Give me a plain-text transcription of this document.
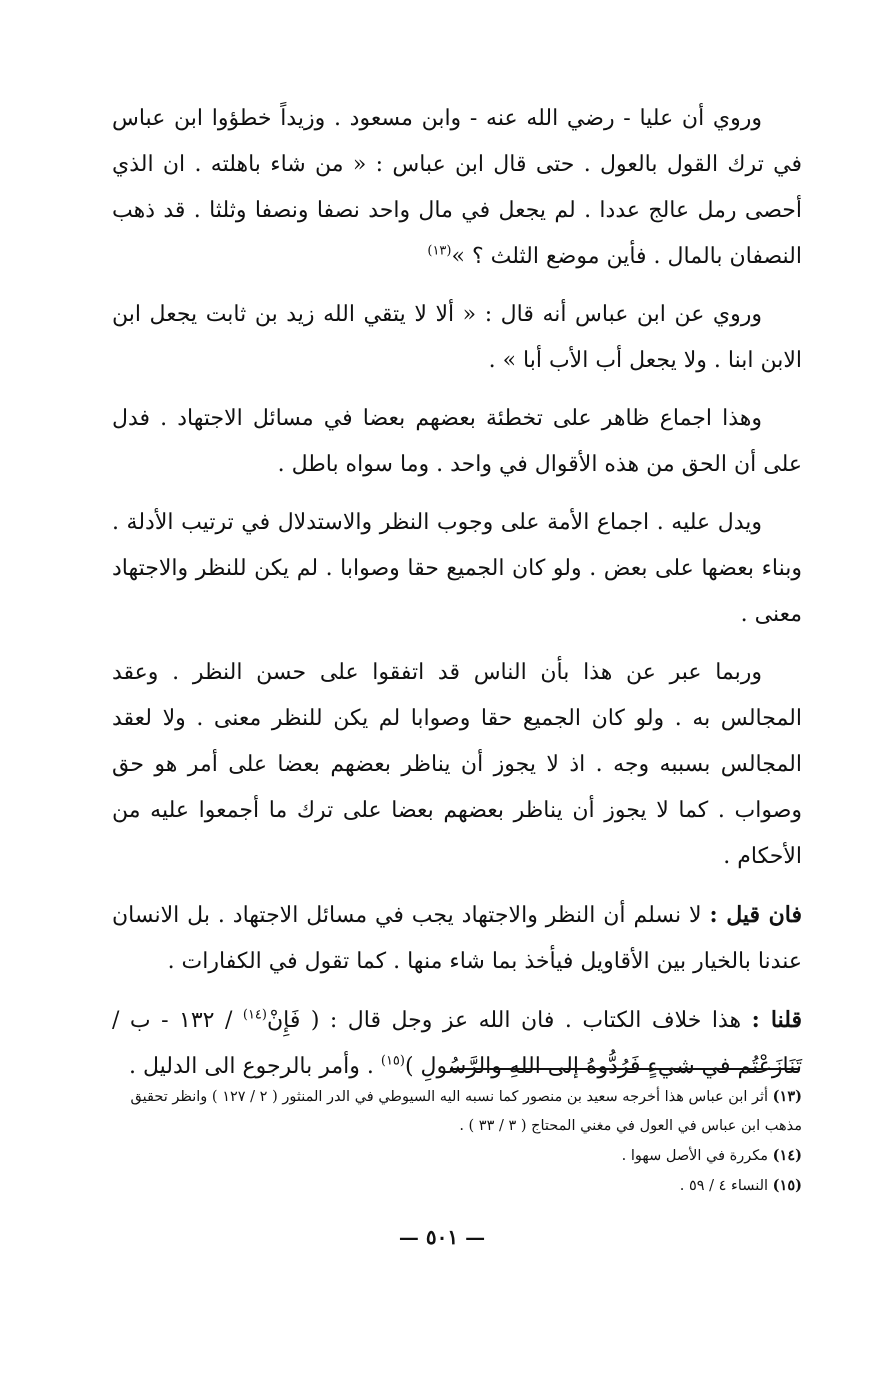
وروي أن عليا - رضي الله عنه - وابن مسعود . وزيداً خطؤوا ابن عباس في ترك القول بالعول . حتى قال ابن عباس : « من شاء باهلته . ان الذي أحصى رمل عالج عددا . لم يجعل في مال واحد نصفا ونصفا وثلثا . قد ذهب النصفان بالمال . فأين موضع الثلث ؟ »$^{(١٣)}$

وروي عن ابن عباس أنه قال : « ألا لا يتقي الله زيد بن ثابت يجعل ابن الابن ابنا . ولا يجعل أب الأب أبا » .

وهذا اجماع ظاهر على تخطئة بعضهم بعضا في مسائل الاجتهاد . فدل على أن الحق من هذه الأقوال في واحد . وما سواه باطل .

ويدل عليه . اجماع الأمة على وجوب النظر والاستدلال في ترتيب الأدلة . وبناء بعضها على بعض . ولو كان الجميع حقا وصوابا . لم يكن للنظر والاجتهاد معنى .

وربما عبر عن هذا بأن الناس قد اتفقوا على حسن النظر . وعقد المجالس به . ولو كان الجميع حقا وصوابا لم يكن للنظر معنى . ولا لعقد المجالس بسببه وجه . اذ لا يجوز أن يناظر بعضهم بعضا على أمر هو حق وصواب . كما لا يجوز أن يناظر بعضهم بعضا على ترك ما أجمعوا عليه من الأحكام .

فان قيل : لا نسلم أن النظر والاجتهاد يجب في مسائل الاجتهاد . بل الانسان عندنا بالخيار بين الأقاويل فيأخذ بما شاء منها . كما تقول في الكفارات .

قلنا : هذا خلاف الكتاب . فان الله عز وجل قال : ( فَإِنْ$^{(١٤)}$ / ١٣٢ - ب / تَنَازَعْتُم في شيءٍ فَرُدُّوهُ إلى اللهِ والرَّسُولِ )$^{(١٥)}$ . وأمر بالرجوع الى الدليل .

(١٣) أثر ابن عباس هذا أخرجه سعيد بن منصور كما نسبه اليه السيوطي في الدر المنثور ( ٢ / ١٢٧ ) وانظر تحقيق مذهب ابن عباس في العول في مغني المحتاج ( ٣ / ٣٣ ) .

(١٤) مكررة في الأصل سهوا .

(١٥) النساء ٤ / ٥٩ .

— ٥٠١ —
